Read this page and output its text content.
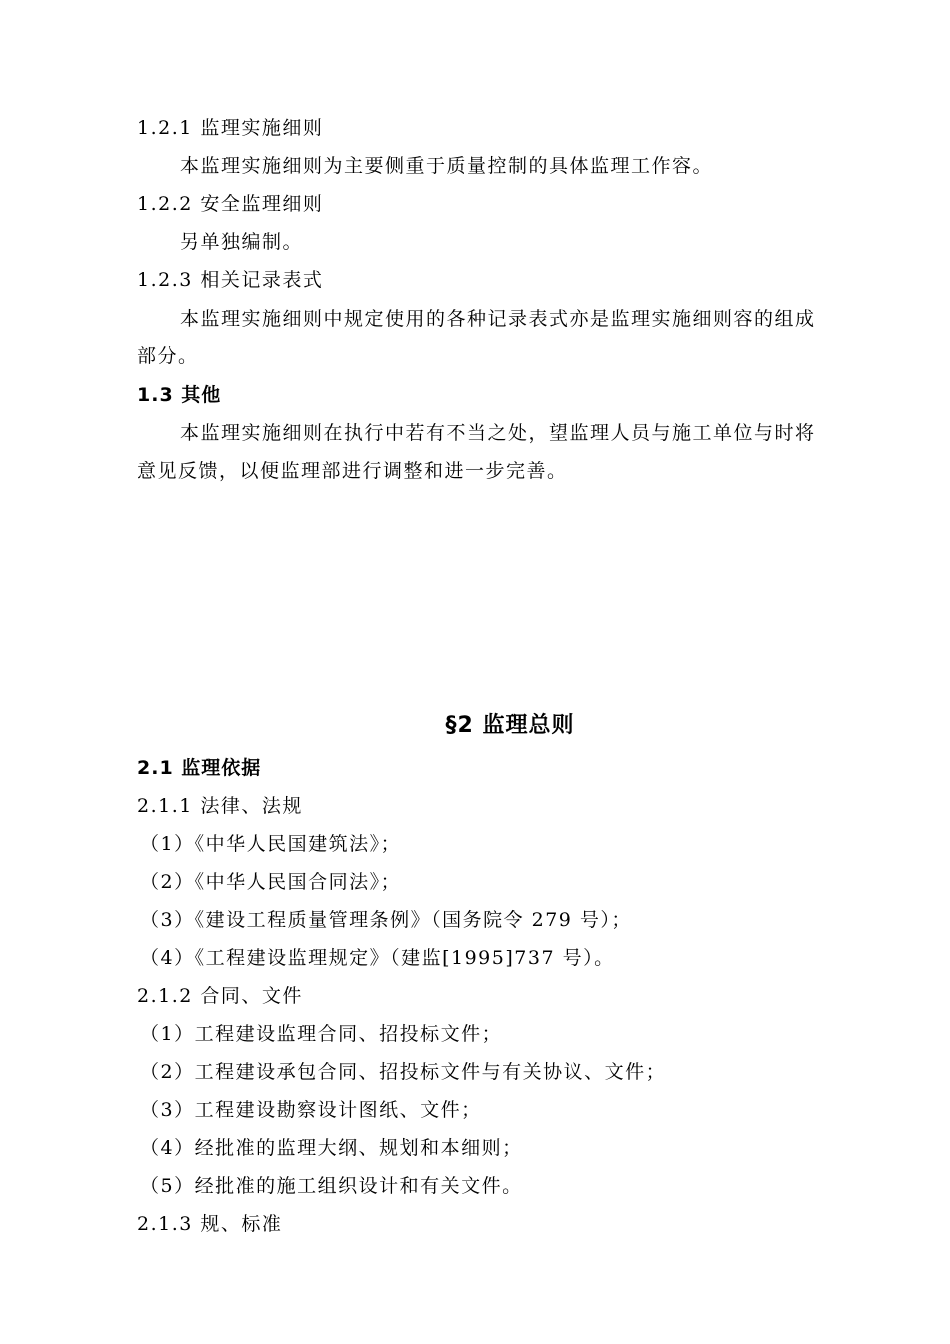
1.2.1 监理实施细则
本监理实施细则为主要侧重于质量控制的具体监理工作容。
1.2.2 安全监理细则
另单独编制。
1.2.3 相关记录表式
本监理实施细则中规定使用的各种记录表式亦是监理实施细则容的组成
部分。
1.3 其他
本监理实施细则在执行中若有不当之处，望监理人员与施工单位与时将
意见反馈，以便监理部进行调整和进一步完善。
§2 监理总则
2.1 监理依据
2.1.1 法律、法规
（1）《中华人民国建筑法》；
（2）《中华人民国合同法》；
（3）《建设工程质量管理条例》（国务院令 279 号）；
（4）《工程建设监理规定》（建监[1995]737 号）。
2.1.2 合同、文件
（1）工程建设监理合同、招投标文件；
（2）工程建设承包合同、招投标文件与有关协议、文件；
（3）工程建设勘察设计图纸、文件；
（4）经批准的监理大纲、规划和本细则；
（5）经批准的施工组织设计和有关文件。
2.1.3 规、标准
